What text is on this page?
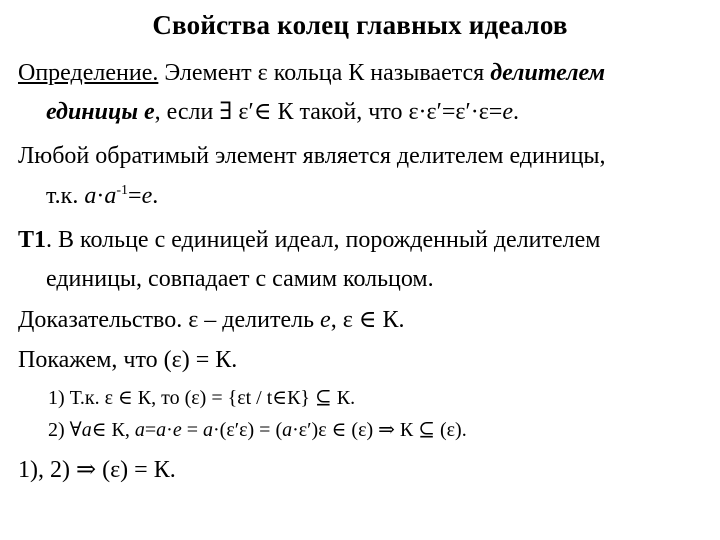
Свойства колец главных идеалов
Определение. Элемент ε кольца К называется делителем
единицы e, если ∃ ε′∈ К такой, что ε·ε′=ε′·ε=e.
Любой обратимый элемент является делителем единицы,
т.к. $a\cdot a^{-1}=e$.
T1. В кольце с единицей идеал, порожденный делителем
единицы, совпадает с самим кольцом.
Доказательство. ε – делитель e, ε ∈ К.
Покажем, что (ε) = К.
1) Т.к. ε ∈ К, то (ε) = {εt / t∈К} ⊆ К.
2) ∀a∈ К, a=a·e = a·(ε′ε) = (a·ε′)ε ∈ (ε) ⇒ К ⊆ (ε).
1), 2) ⇒ (ε) = К.
